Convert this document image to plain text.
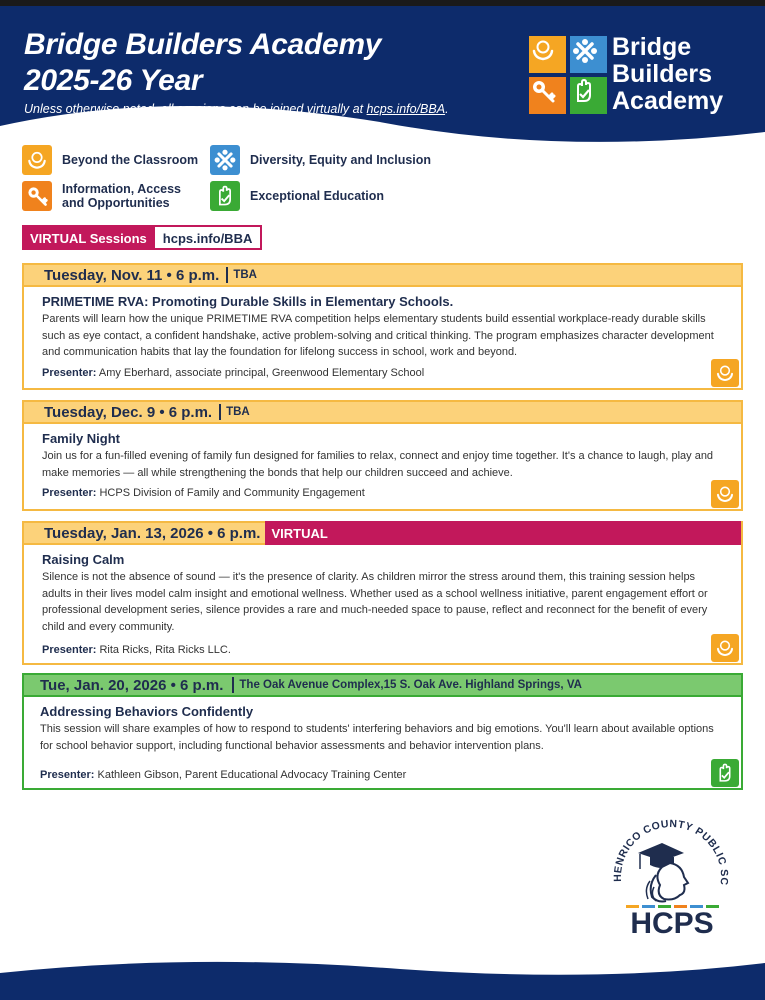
Bridge Builders Academy
2025-26 Year
Unless otherwise noted, all sessions can be joined virtually at hcps.info/BBA.
Bridge
Builders
Academy
Beyond the Classroom	Diversity, Equity and Inclusion
Information, Access and Opportunities	Exceptional Education
VIRTUAL Sessions	hcps.info/BBA
Tuesday, Nov. 11 • 6 p.m. TBA
PRIMETIME RVA: Promoting Durable Skills in Elementary Schools.
Parents will learn how the unique PRIMETIME RVA competition helps elementary students build essential workplace-ready durable skills such as eye contact, a confident handshake, active problem-solving and critical thinking. The program emphasizes character development and communication habits that lay the foundation for lifelong success in school, work and beyond.
Presenter: Amy Eberhard, associate principal, Greenwood Elementary School
Tuesday, Dec. 9 • 6 p.m. TBA
Family Night
Join us for a fun-filled evening of family fun designed for families to relax, connect and enjoy time together. It's a chance to laugh, play and make memories — all while strengthening the bonds that help our children succeed and achieve.
Presenter: HCPS Division of Family and Community Engagement
Tuesday, Jan. 13, 2026 • 6 p.m. VIRTUAL
Raising Calm
Silence is not the absence of sound — it's the presence of clarity. As children mirror the stress around them, this training session helps adults in their lives model calm insight and emotional wellness. Whether used as a school wellness initiative, parent engagement effort or professional development series, silence provides a rare and much-needed space to pause, reflect and reconnect for the benefit of every child and every community.
Presenter: Rita Ricks, Rita Ricks LLC.
Tue, Jan. 20, 2026 • 6 p.m. The Oak Avenue Complex,15 S. Oak Ave. Highland Springs, VA
Addressing Behaviors Confidently
This session will share examples of how to respond to students' interfering behaviors and big emotions. You'll learn about available options for school behavior support, including functional behavior assessments and behavior intervention plans.
Presenter: Kathleen Gibson, Parent Educational Advocacy Training Center
HENRICO COUNTY PUBLIC SC
HCPS
